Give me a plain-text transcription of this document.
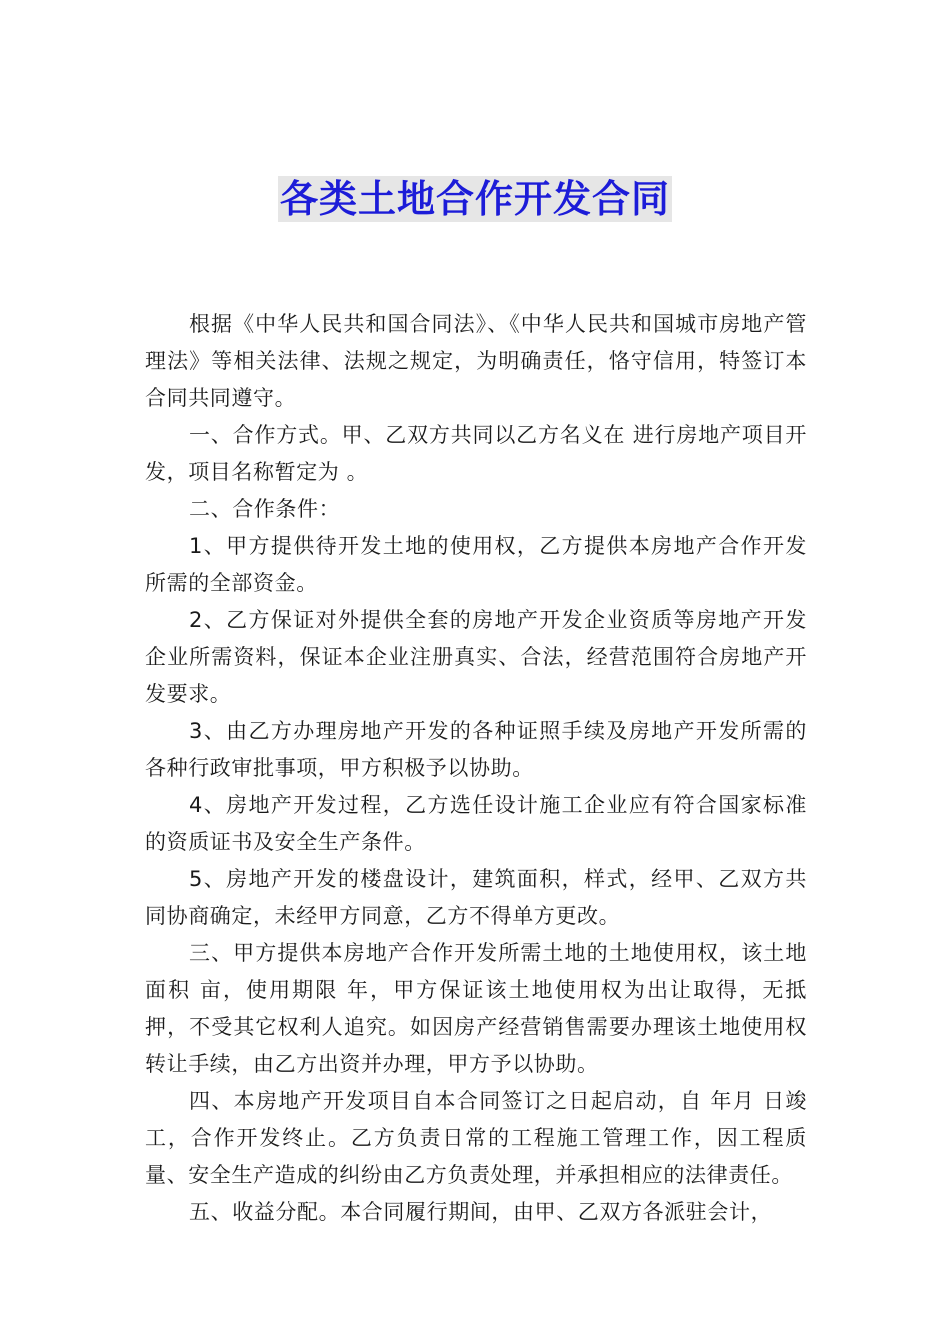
各类土地合作开发合同

根据《中华人民共和国合同法》、《中华人民共和国城市房地产管理法》等相关法律、法规之规定，为明确责任，恪守信用，特签订本合同共同遵守。

一、合作方式。甲、乙双方共同以乙方名义在 进行房地产项目开发，项目名称暂定为 。

二、合作条件：

1、甲方提供待开发土地的使用权，乙方提供本房地产合作开发所需的全部资金。

2、乙方保证对外提供全套的房地产开发企业资质等房地产开发企业所需资料，保证本企业注册真实、合法，经营范围符合房地产开发要求。

3、由乙方办理房地产开发的各种证照手续及房地产开发所需的各种行政审批事项，甲方积极予以协助。

4、房地产开发过程，乙方选任设计施工企业应有符合国家标准的资质证书及安全生产条件。

5、房地产开发的楼盘设计，建筑面积，样式，经甲、乙双方共同协商确定，未经甲方同意，乙方不得单方更改。

三、甲方提供本房地产合作开发所需土地的土地使用权，该土地面积 亩，使用期限 年，甲方保证该土地使用权为出让取得，无抵押，不受其它权利人追究。如因房产经营销售需要办理该土地使用权转让手续，由乙方出资并办理，甲方予以协助。

四、本房地产开发项目自本合同签订之日起启动，自 年月 日竣工，合作开发终止。乙方负责日常的工程施工管理工作，因工程质量、安全生产造成的纠纷由乙方负责处理，并承担相应的法律责任。

五、收益分配。本合同履行期间，由甲、乙双方各派驻会计，
